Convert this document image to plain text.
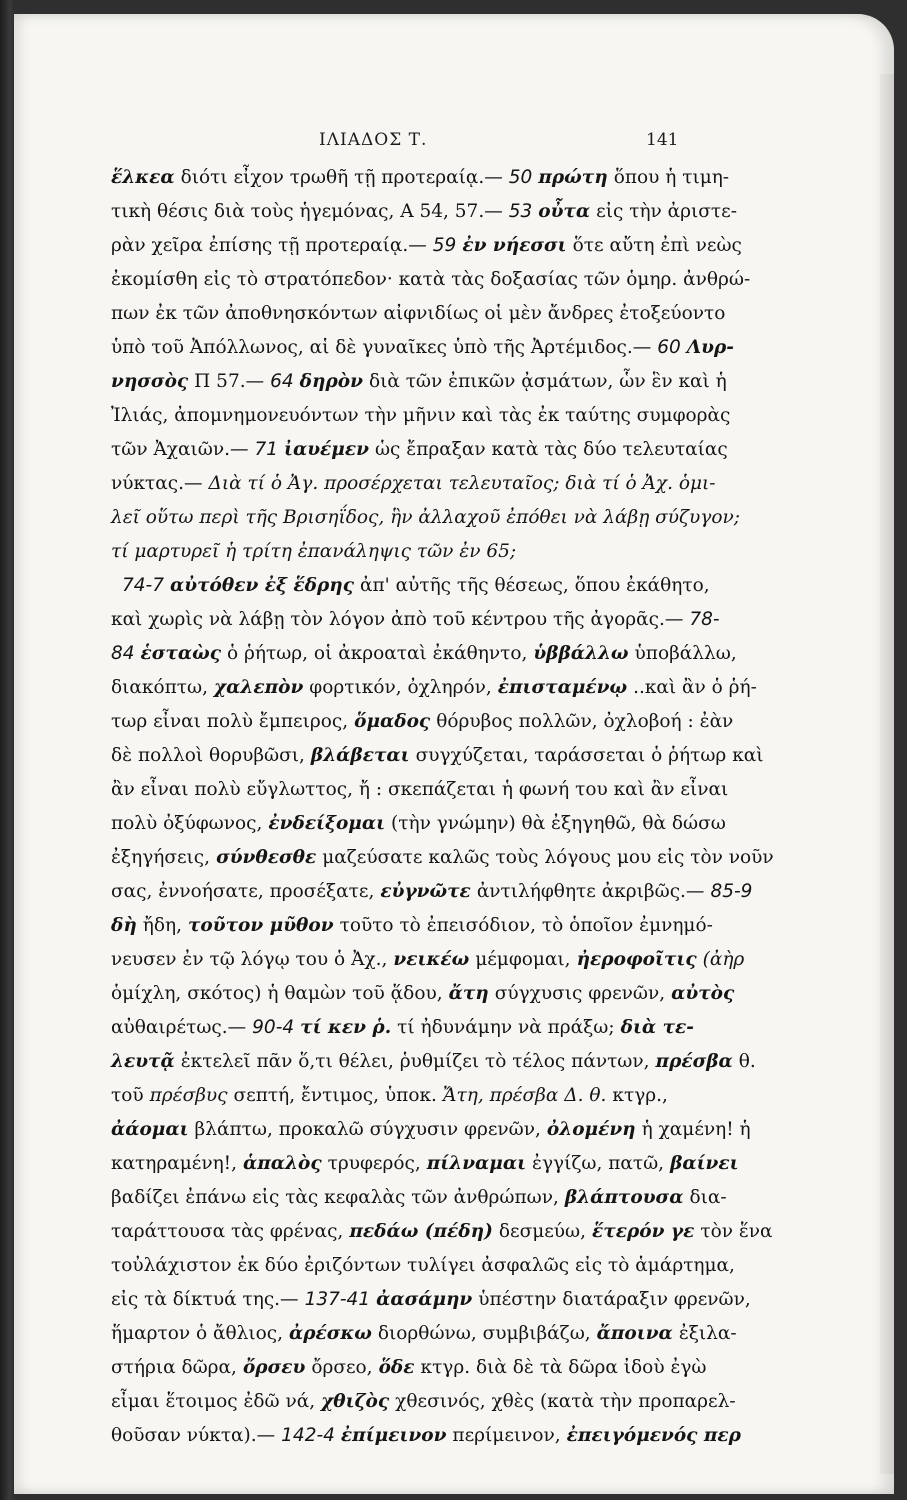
ΙΛΙΑΔΟΣ Τ.	141
ἕλκεα διότι εἶχον τρωθῆ τῇ προτεραίᾳ.— 50 πρώτη ὅπου ἡ τιμη-
τικὴ θέσις διὰ τοὺς ἡγεμόνας, Α 54, 57.— 53 οὖτα εἰς τὴν ἀριστε-
ρὰν χεῖρα ἐπίσης τῇ προτεραίᾳ.— 59 ἐν νήεσσι ὅτε αὔτη ἐπὶ νεὼς
ἐκομίσθη εἰς τὸ στρατόπεδον· κατὰ τὰς δοξασίας τῶν ὁμηρ. ἀνθρώ-
πων ἐκ τῶν ἀποθνησκόντων αἰφνιδίως οἱ μὲν ἄνδρες ἐτοξεύοντο
ὑπὸ τοῦ Ἀπόλλωνος, αἱ δὲ γυναῖκες ὑπὸ τῆς Ἀρτέμιδος.— 60 Λυρ-
νησσὸς Π 57.— 64 δηρὸν διὰ τῶν ἐπικῶν ᾀσμάτων, ὧν ἓν καὶ ἡ
Ἰλιάς, ἀπομνημονευόντων τὴν μῆνιν καὶ τὰς ἐκ ταύτης συμφορὰς
τῶν Ἀχαιῶν.— 71 ἰαυέμεν ὡς ἔπραξαν κατὰ τὰς δύο τελευταίας
νύκτας.— Διὰ τί ὁ Ἀγ. προσέρχεται τελευταῖος; διὰ τί ὁ Ἀχ. ὁμι-
λεῖ οὕτω περὶ τῆς Βρισηΐδος, ἣν ἀλλαχοῦ ἐπόθει νὰ λάβῃ σύζυγον;
τί μαρτυρεῖ ἡ τρίτη ἐπανάληψις τῶν ἐν 65;
74-7 αὐτόθεν ἐξ ἕδρης ἀπ' αὐτῆς τῆς θέσεως, ὅπου ἐκάθητο,
καὶ χωρὶς νὰ λάβῃ τὸν λόγον ἀπὸ τοῦ κέντρου τῆς ἀγορᾶς.— 78-
84 ἑσταὼς ὁ ῥήτωρ, οἱ ἀκροαταὶ ἐκάθηντο, ὑββάλλω ὑποβάλλω,
διακόπτω, χαλεπὸν φορτικόν, ὀχληρόν, ἐπισταμένῳ ..καὶ ἂν ὁ ῥή-
τωρ εἶναι πολὺ ἔμπειρος, ὅμαδος θόρυβος πολλῶν, ὀχλοβοή : ἐὰν
δὲ πολλοὶ θορυβῶσι, βλάβεται συγχύζεται, ταράσσεται ὁ ῥήτωρ καὶ
ἂν εἶναι πολὺ εὔγλωττος, ἤ : σκεπάζεται ἡ φωνή του καὶ ἂν εἶναι
πολὺ ὀξύφωνος, ἐνδείξομαι (τὴν γνώμην) θὰ ἐξηγηθῶ, θὰ δώσω
ἐξηγήσεις, σύνθεσθε μαζεύσατε καλῶς τοὺς λόγους μου εἰς τὸν νοῦν
σας, ἐννοήσατε, προσέξατε, εὐγνῶτε ἀντιλήφθητε ἀκριβῶς.— 85-9
δὴ ἤδη, τοῦτον μῦθον τοῦτο τὸ ἐπεισόδιον, τὸ ὁποῖον ἐμνημό-
νευσεν ἐν τῷ λόγῳ του ὁ Ἀχ., νεικέω μέμφομαι, ἠεροφοῖτις (ἀὴρ
ὁμίχλη, σκότος) ἡ θαμὼν τοῦ ᾅδου, ἄτη σύγχυσις φρενῶν, αὐτὸς
αὐθαιρέτως.— 90-4 τί κεν ῥ. τί ἠδυνάμην νὰ πράξω; διὰ τε-
λευτᾷ ἐκτελεῖ πᾶν ὅ,τι θέλει, ῥυθμίζει τὸ τέλος πάντων, πρέσβα θ.
τοῦ πρέσβυς σεπτή, ἔντιμος, ὑποκ. Ἄτη, πρέσβα Δ. θ. κτγρ.,
ἀάομαι βλάπτω, προκαλῶ σύγχυσιν φρενῶν, ὀλομένη ἡ χαμένη! ἡ
κατηραμένη!, ἁπαλὸς τρυφερός, πίλναμαι ἐγγίζω, πατῶ, βαίνει
βαδίζει ἐπάνω εἰς τὰς κεφαλὰς τῶν ἀνθρώπων, βλάπτουσα δια-
ταράττουσα τὰς φρένας, πεδάω (πέδη) δεσμεύω, ἕτερόν γε τὸν ἕνα
τοὐλάχιστον ἐκ δύο ἐριζόντων τυλίγει ἀσφαλῶς εἰς τὸ ἁμάρτημα,
εἰς τὰ δίκτυά της.— 137-41 ἀασάμην ὑπέστην διατάραξιν φρενῶν,
ἥμαρτον ὁ ἄθλιος, ἀρέσκω διορθώνω, συμβιβάζω, ἄποινα ἐξιλα-
στήρια δῶρα, ὄρσευ ὄρσεο, ὅδε κτγρ. διὰ δὲ τὰ δῶρα ἰδοὺ ἐγὼ
εἶμαι ἕτοιμος ἐδῶ νά, χθιζὸς χθεσινός, χθὲς (κατὰ τὴν προπαρελ-
θοῦσαν νύκτα).— 142-4 ἐπίμεινον περίμεινον, ἐπειγόμενός περ
